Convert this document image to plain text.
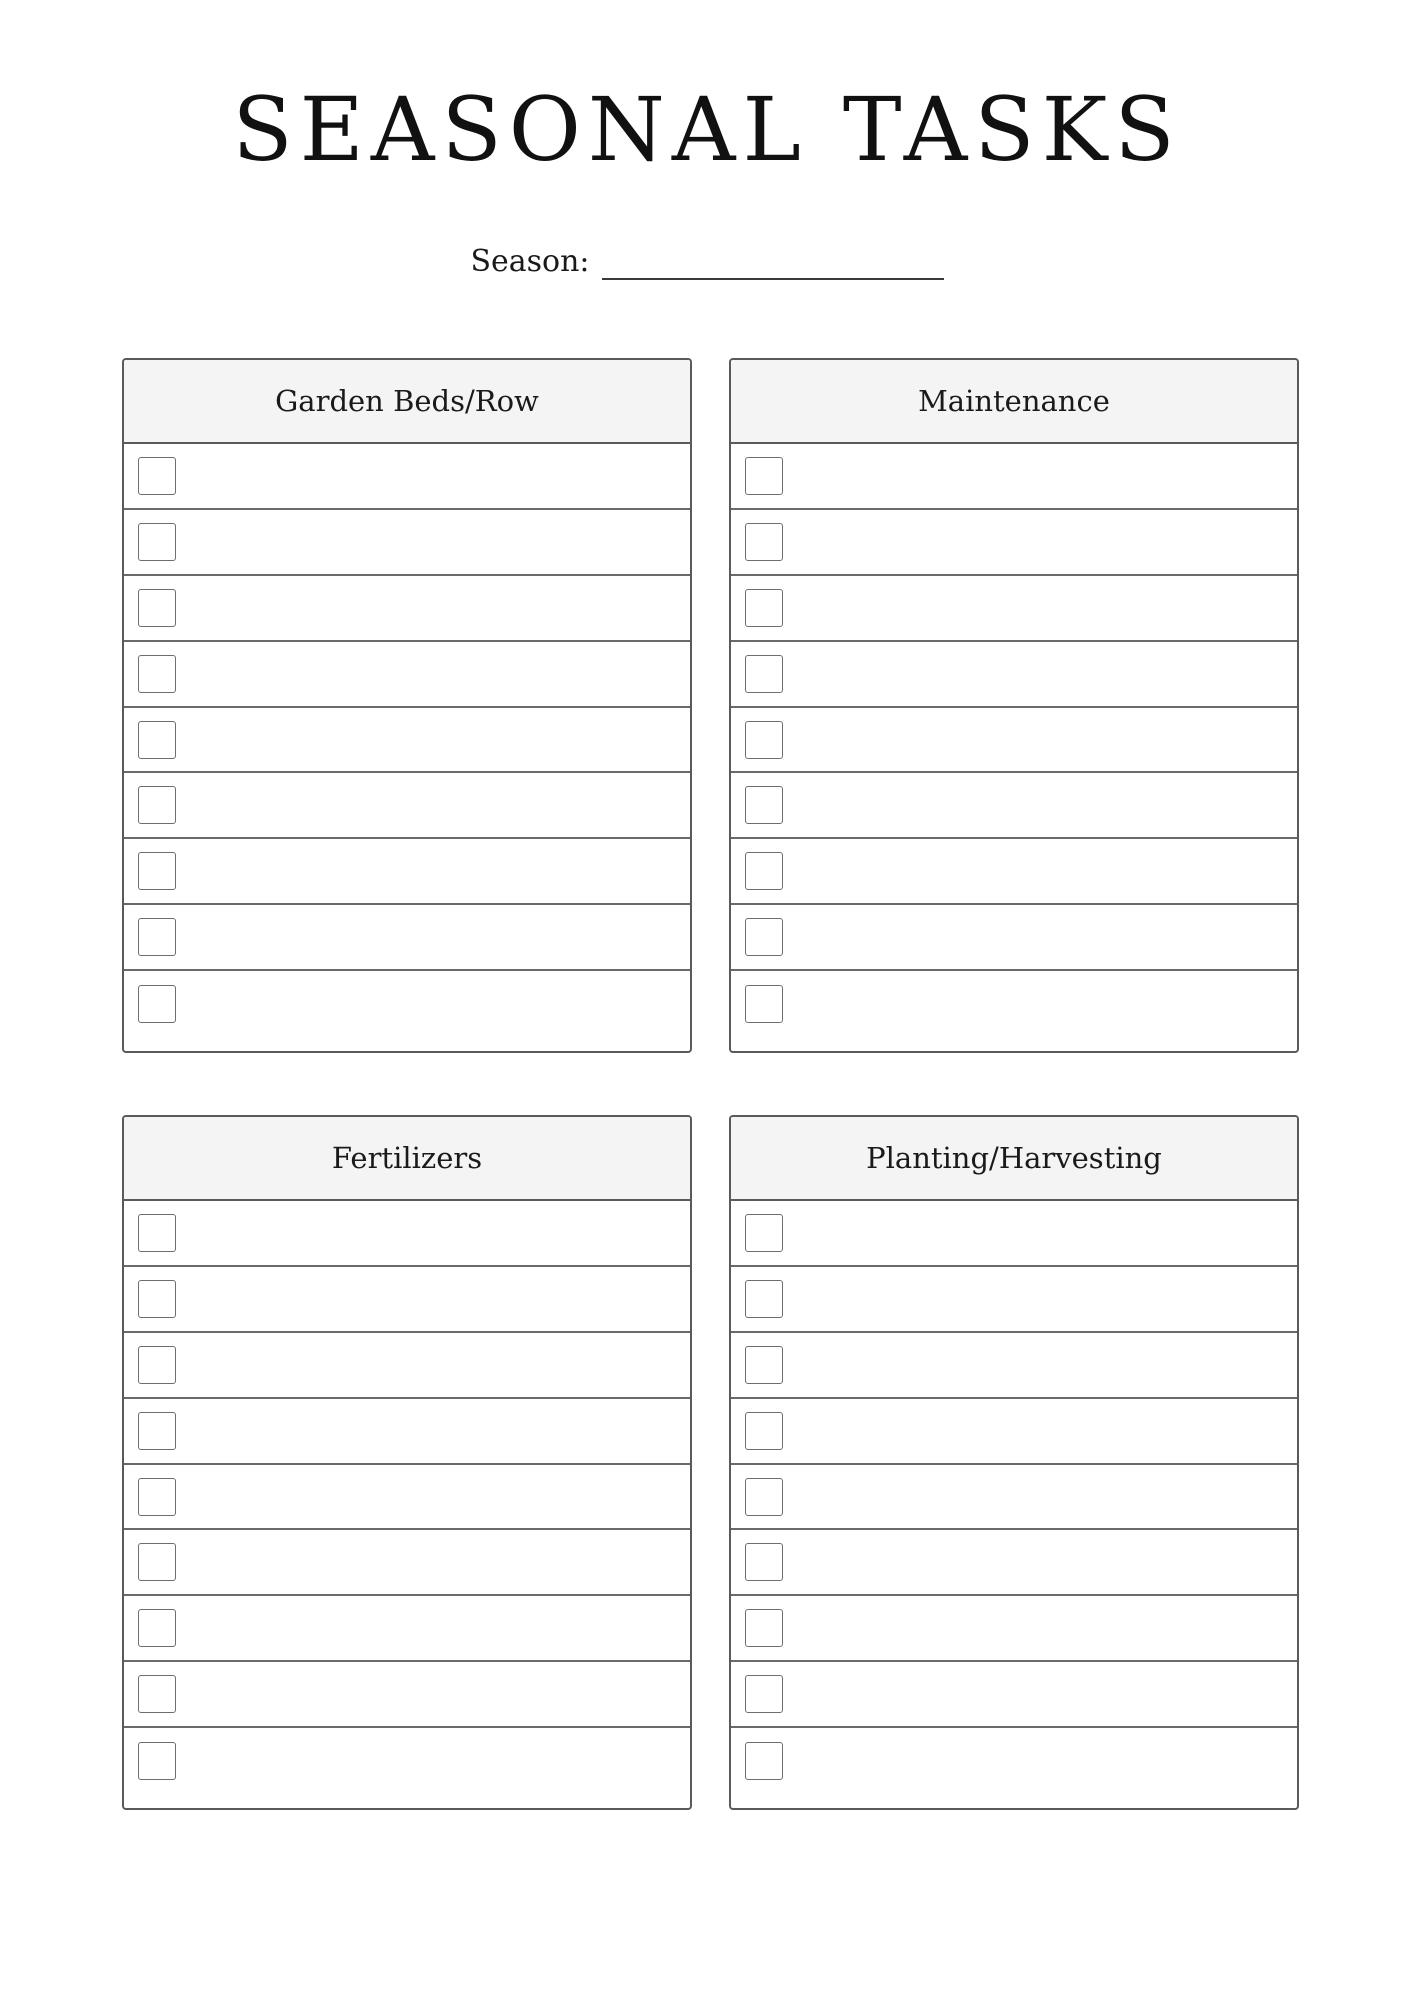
SEASONAL TASKS
Season:
Garden Beds/Row	Maintenance
Fertilizers	Planting/Harvesting
